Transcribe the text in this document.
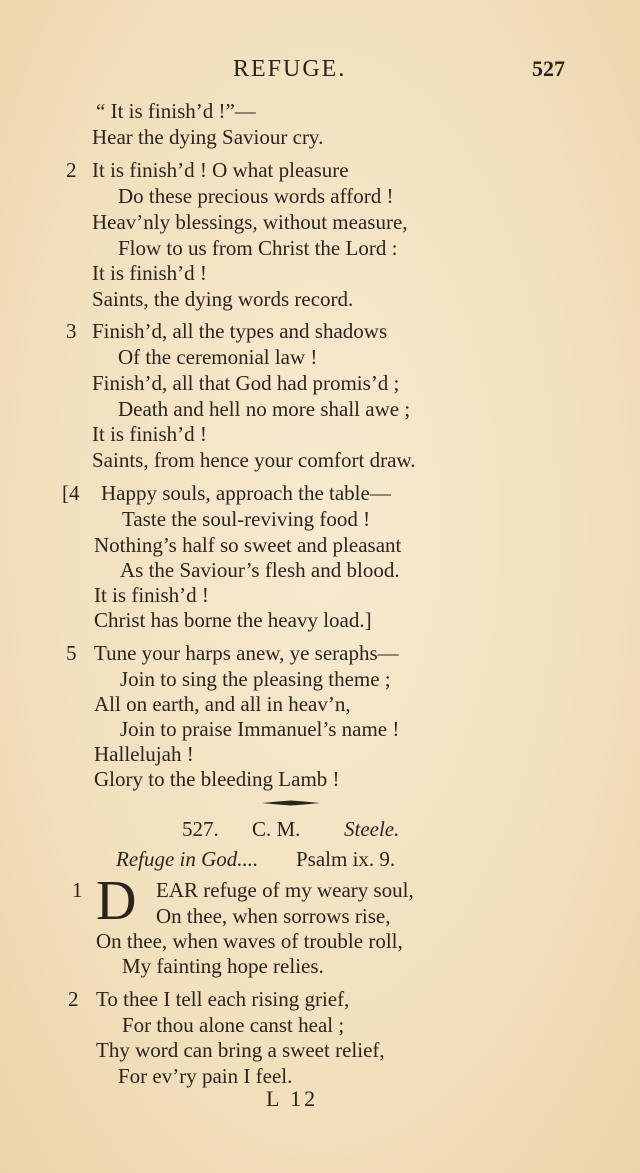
REFUGE.	527
“ It is finish’d !”—
Hear the dying Saviour cry.
2 It is finish’d ! O what pleasure
Do these precious words afford !
Heav’nly blessings, without measure,
Flow to us from Christ the Lord :
It is finish’d !
Saints, the dying words record.
3 Finish’d, all the types and shadows
Of the ceremonial law !
Finish’d, all that God had promis’d ;
Death and hell no more shall awe ;
It is finish’d !
Saints, from hence your comfort draw.
[4 Happy souls, approach the table—
Taste the soul-reviving food !
Nothing’s half so sweet and pleasant
As the Saviour’s flesh and blood.
It is finish’d !
Christ has borne the heavy load.]
5 Tune your harps anew, ye seraphs—
Join to sing the pleasing theme ;
All on earth, and all in heav’n,
Join to praise Immanuel’s name !
Hallelujah !
Glory to the bleeding Lamb !
527. C. M. Steele.
Refuge in God.... Psalm ix. 9.
1 D EAR refuge of my weary soul,
On thee, when sorrows rise,
On thee, when waves of trouble roll,
My fainting hope relies.
2 To thee I tell each rising grief,
For thou alone canst heal ;
Thy word can bring a sweet relief,
For ev’ry pain I feel.
L 12
